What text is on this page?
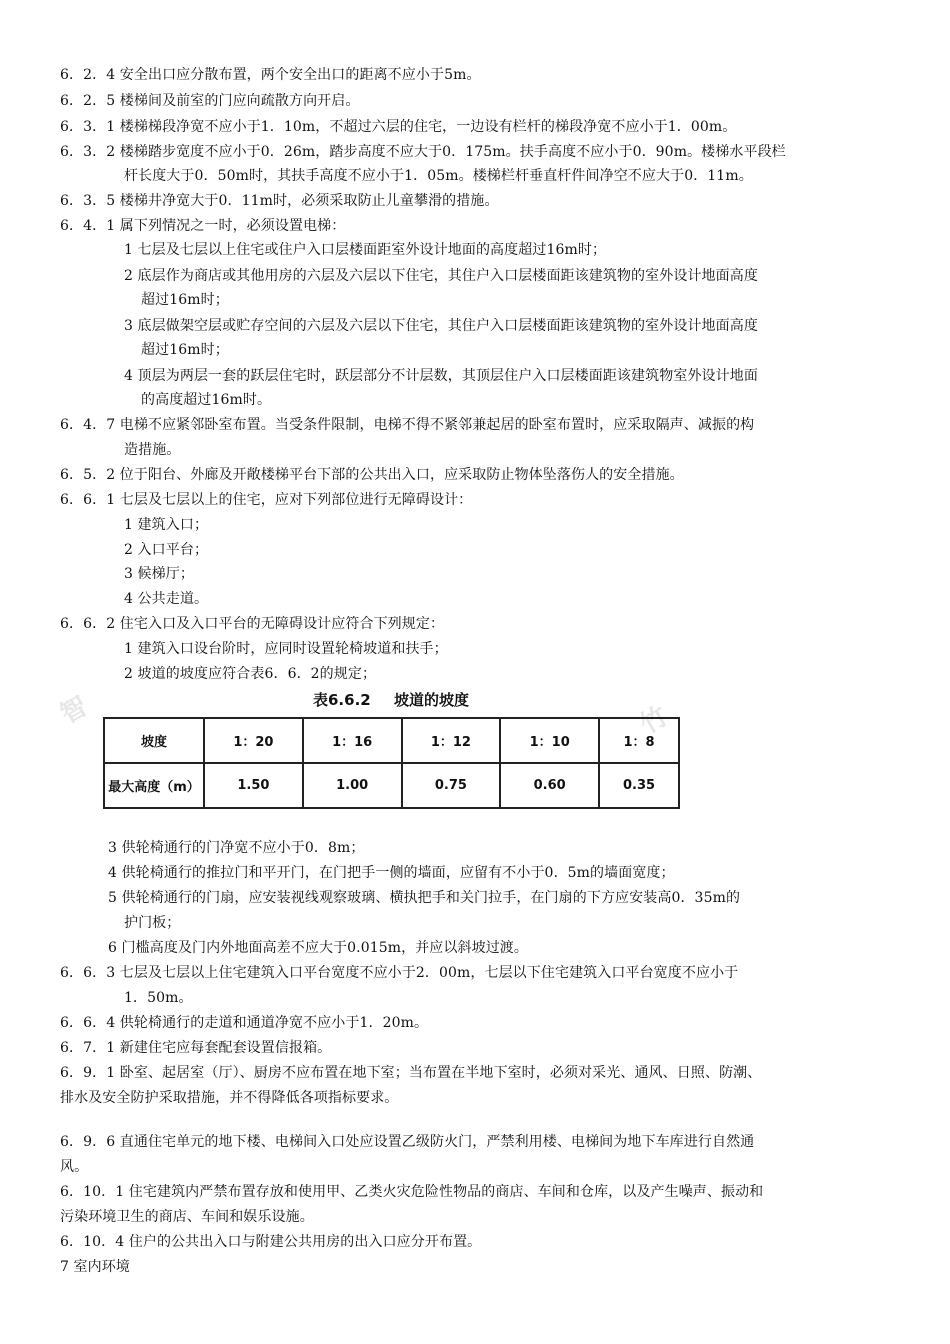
智	竹
6．2．4 安全出口应分散布置，两个安全出口的距离不应小于5m。
6．2．5 楼梯间及前室的门应向疏散方向开启。
6．3．1 楼梯梯段净宽不应小于1．10m，不超过六层的住宅，一边设有栏杆的梯段净宽不应小于1．00m。
6．3．2 楼梯踏步宽度不应小于0．26m，踏步高度不应大于0．175m。扶手高度不应小于0．90m。楼梯水平段栏
杆长度大于0．50m时，其扶手高度不应小于1．05m。楼梯栏杆垂直杆件间净空不应大于0．11m。
6．3．5 楼梯井净宽大于0．11m时，必须采取防止儿童攀滑的措施。
6．4．1 属下列情况之一时，必须设置电梯：
1 七层及七层以上住宅或住户入口层楼面距室外设计地面的高度超过16m时；
2 底层作为商店或其他用房的六层及六层以下住宅，其住户入口层楼面距该建筑物的室外设计地面高度
超过16m时；
3 底层做架空层或贮存空间的六层及六层以下住宅，其住户入口层楼面距该建筑物的室外设计地面高度
超过16m时；
4 顶层为两层一套的跃层住宅时，跃层部分不计层数，其顶层住户入口层楼面距该建筑物室外设计地面
的高度超过16m时。
6．4．7 电梯不应紧邻卧室布置。当受条件限制，电梯不得不紧邻兼起居的卧室布置时，应采取隔声、减振的构
造措施。
6．5．2 位于阳台、外廊及开敞楼梯平台下部的公共出入口，应采取防止物体坠落伤人的安全措施。
6．6．1 七层及七层以上的住宅，应对下列部位进行无障碍设计：
1 建筑入口；
2 入口平台；
3 候梯厅；
4 公共走道。
6．6．2 住宅入口及入口平台的无障碍设计应符合下列规定：
1 建筑入口设台阶时，应同时设置轮椅坡道和扶手；
2 坡道的坡度应符合表6．6．2的规定；
表6.6.2 坡道的坡度
坡度	1：20	1：16	1：12	1：10	1：8
最大高度（m）	1.50	1.00	0.75	0.60	0.35
3 供轮椅通行的门净宽不应小于0．8m；
4 供轮椅通行的推拉门和平开门，在门把手一侧的墙面，应留有不小于0．5m的墙面宽度；
5 供轮椅通行的门扇，应安装视线观察玻璃、横执把手和关门拉手，在门扇的下方应安装高0．35m的
护门板；
6 门槛高度及门内外地面高差不应大于0.015m，并应以斜坡过渡。
6．6．3 七层及七层以上住宅建筑入口平台宽度不应小于2．00m，七层以下住宅建筑入口平台宽度不应小于
1．50m。
6．6．4 供轮椅通行的走道和通道净宽不应小于1．20m。
6．7．1 新建住宅应每套配套设置信报箱。
6．9．1 卧室、起居室（厅）、厨房不应布置在地下室；当布置在半地下室时，必须对采光、通风、日照、防潮、
排水及安全防护采取措施，并不得降低各项指标要求。
6．9．6 直通住宅单元的地下楼、电梯间入口处应设置乙级防火门，严禁利用楼、电梯间为地下车库进行自然通
风。
6．10．1 住宅建筑内严禁布置存放和使用甲、乙类火灾危险性物品的商店、车间和仓库，以及产生噪声、振动和
污染环境卫生的商店、车间和娱乐设施。
6．10．4 住户的公共出入口与附建公共用房的出入口应分开布置。
7 室内环境
